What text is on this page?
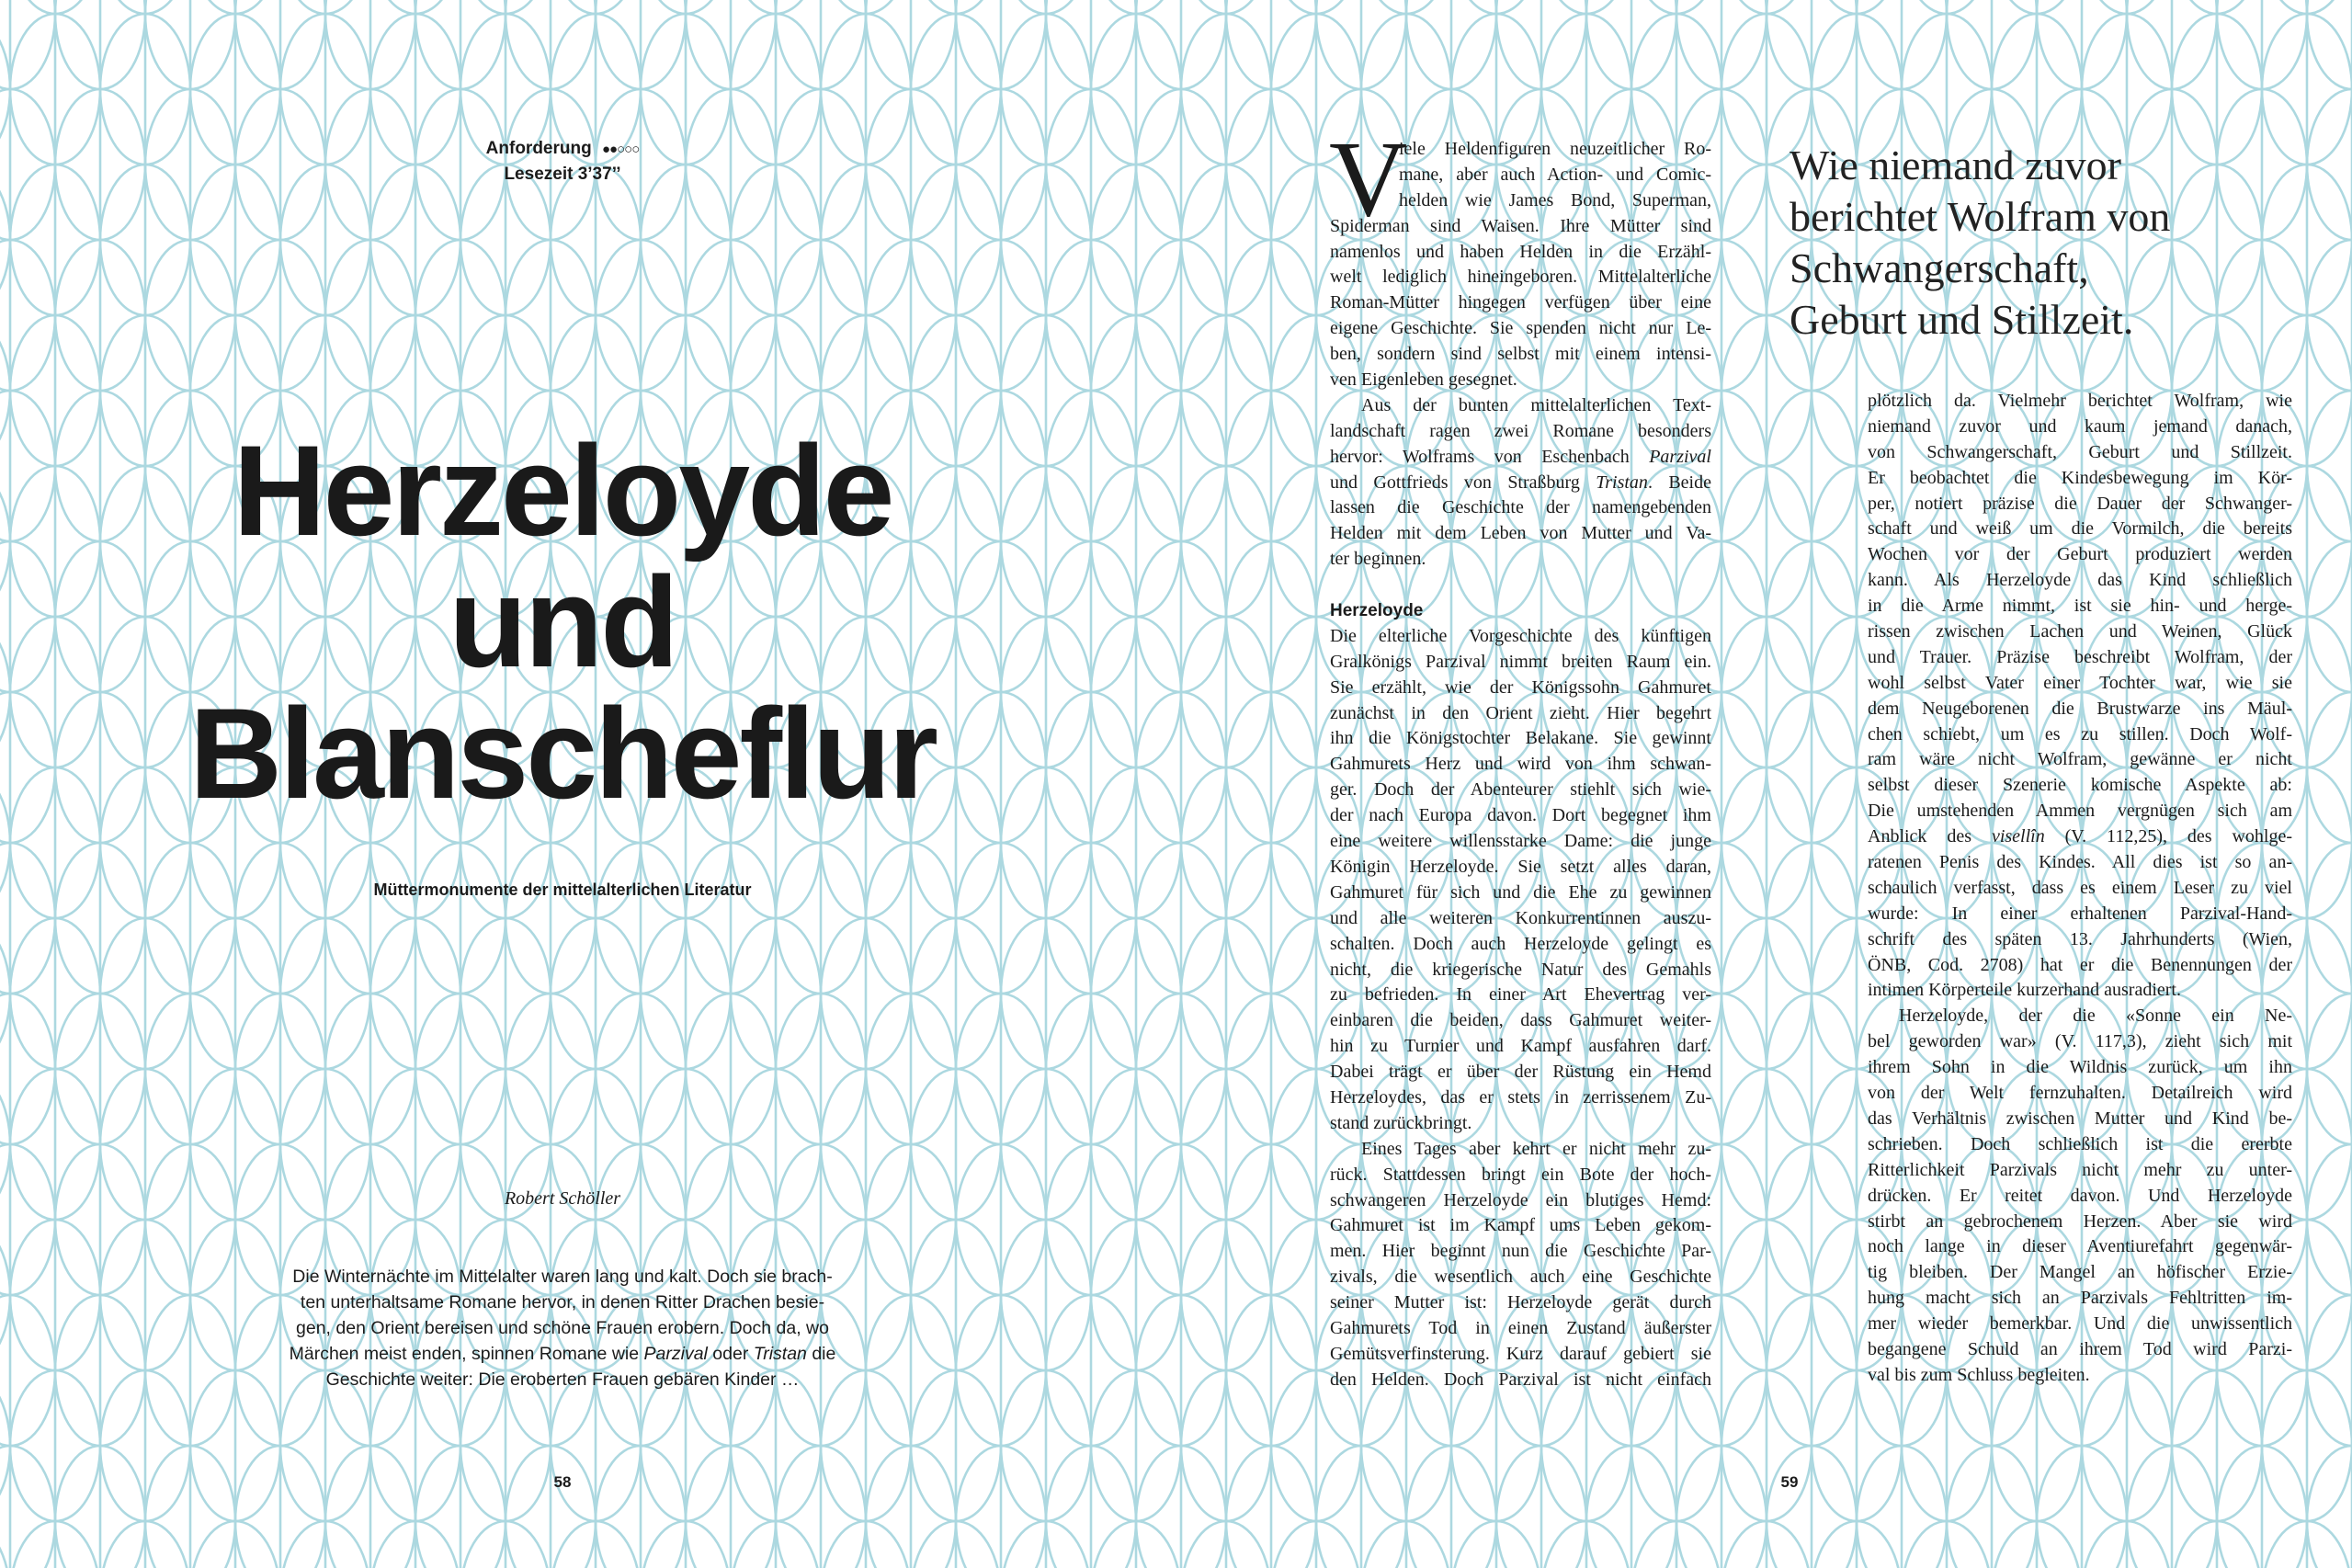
Anforderung ●●○○○
Lesezeit 3’37’’
Herzeloyde
und
Blanscheflur
Müttermonumente der mittelalterlichen Literatur
Robert Schöller
Die Winternächte im Mittelalter waren lang und kalt. Doch sie brach-
ten unterhaltsame Romane hervor, in denen Ritter Drachen besie-
gen, den Orient bereisen und schöne Frauen erobern. Doch da, wo
Märchen meist enden, spinnen Romane wie Parzival oder Tristan die
Geschichte weiter: Die eroberten Frauen gebären Kinder …
58
V
iele Heldenfiguren neuzeitlicher Ro-
mane, aber auch Action- und Comic-
helden wie James Bond, Superman,
Spiderman sind Waisen. Ihre Mütter sind
namenlos und haben Helden in die Erzähl-
welt lediglich hineingeboren. Mittelalterliche
Roman-Mütter hingegen verfügen über eine
eigene Geschichte. Sie spenden nicht nur Le-
ben, sondern sind selbst mit einem intensi-
ven Eigenleben gesegnet.
Aus der bunten mittelalterlichen Text-
landschaft ragen zwei Romane besonders
hervor: Wolframs von Eschenbach Parzival
und Gottfrieds von Straßburg Tristan. Beide
lassen die Geschichte der namengebenden
Helden mit dem Leben von Mutter und Va-
ter beginnen.
Herzeloyde
Die elterliche Vorgeschichte des künftigen
Gralkönigs Parzival nimmt breiten Raum ein.
Sie erzählt, wie der Königssohn Gahmuret
zunächst in den Orient zieht. Hier begehrt
ihn die Königstochter Belakane. Sie gewinnt
Gahmurets Herz und wird von ihm schwan-
ger. Doch der Abenteurer stiehlt sich wie-
der nach Europa davon. Dort begegnet ihm
eine weitere willensstarke Dame: die junge
Königin Herzeloyde. Sie setzt alles daran,
Gahmuret für sich und die Ehe zu gewinnen
und alle weiteren Konkurrentinnen auszu-
schalten. Doch auch Herzeloyde gelingt es
nicht, die kriegerische Natur des Gemahls
zu befrieden. In einer Art Ehevertrag ver-
einbaren die beiden, dass Gahmuret weiter-
hin zu Turnier und Kampf ausfahren darf.
Dabei trägt er über der Rüstung ein Hemd
Herzeloydes, das er stets in zerrissenem Zu-
stand zurückbringt.
Eines Tages aber kehrt er nicht mehr zu-
rück. Stattdessen bringt ein Bote der hoch-
schwangeren Herzeloyde ein blutiges Hemd:
Gahmuret ist im Kampf ums Leben gekom-
men. Hier beginnt nun die Geschichte Par-
zivals, die wesentlich auch eine Geschichte
seiner Mutter ist: Herzeloyde gerät durch
Gahmurets Tod in einen Zustand äußerster
Gemütsverfinsterung. Kurz darauf gebiert sie
den Helden. Doch Parzival ist nicht einfach
Wie niemand zuvor
berichtet Wolfram von
Schwangerschaft,
Geburt und Stillzeit.
plötzlich da. Vielmehr berichtet Wolfram, wie
niemand zuvor und kaum jemand danach,
von Schwangerschaft, Geburt und Stillzeit.
Er beobachtet die Kindesbewegung im Kör-
per, notiert präzise die Dauer der Schwanger-
schaft und weiß um die Vormilch, die bereits
Wochen vor der Geburt produziert werden
kann. Als Herzeloyde das Kind schließlich
in die Arme nimmt, ist sie hin- und herge-
rissen zwischen Lachen und Weinen, Glück
und Trauer. Präzise beschreibt Wolfram, der
wohl selbst Vater einer Tochter war, wie sie
dem Neugeborenen die Brustwarze ins Mäul-
chen schiebt, um es zu stillen. Doch Wolf-
ram wäre nicht Wolfram, gewänne er nicht
selbst dieser Szenerie komische Aspekte ab:
Die umstehenden Ammen vergnügen sich am
Anblick des visellîn (V. 112,25), des wohlge-
ratenen Penis des Kindes. All dies ist so an-
schaulich verfasst, dass es einem Leser zu viel
wurde: In einer erhaltenen Parzival-Hand-
schrift des späten 13. Jahrhunderts (Wien,
ÖNB, Cod. 2708) hat er die Benennungen der
intimen Körperteile kurzerhand ausradiert.
Herzeloyde, der die «Sonne ein Ne-
bel geworden war» (V. 117,3), zieht sich mit
ihrem Sohn in die Wildnis zurück, um ihn
von der Welt fernzuhalten. Detailreich wird
das Verhältnis zwischen Mutter und Kind be-
schrieben. Doch schließlich ist die ererbte
Ritterlichkeit Parzivals nicht mehr zu unter-
drücken. Er reitet davon. Und Herzeloyde
stirbt an gebrochenem Herzen. Aber sie wird
noch lange in dieser Aventiurefahrt gegenwär-
tig bleiben. Der Mangel an höfischer Erzie-
hung macht sich an Parzivals Fehltritten im-
mer wieder bemerkbar. Und die unwissentlich
begangene Schuld an ihrem Tod wird Parzi-
val bis zum Schluss begleiten.
59
